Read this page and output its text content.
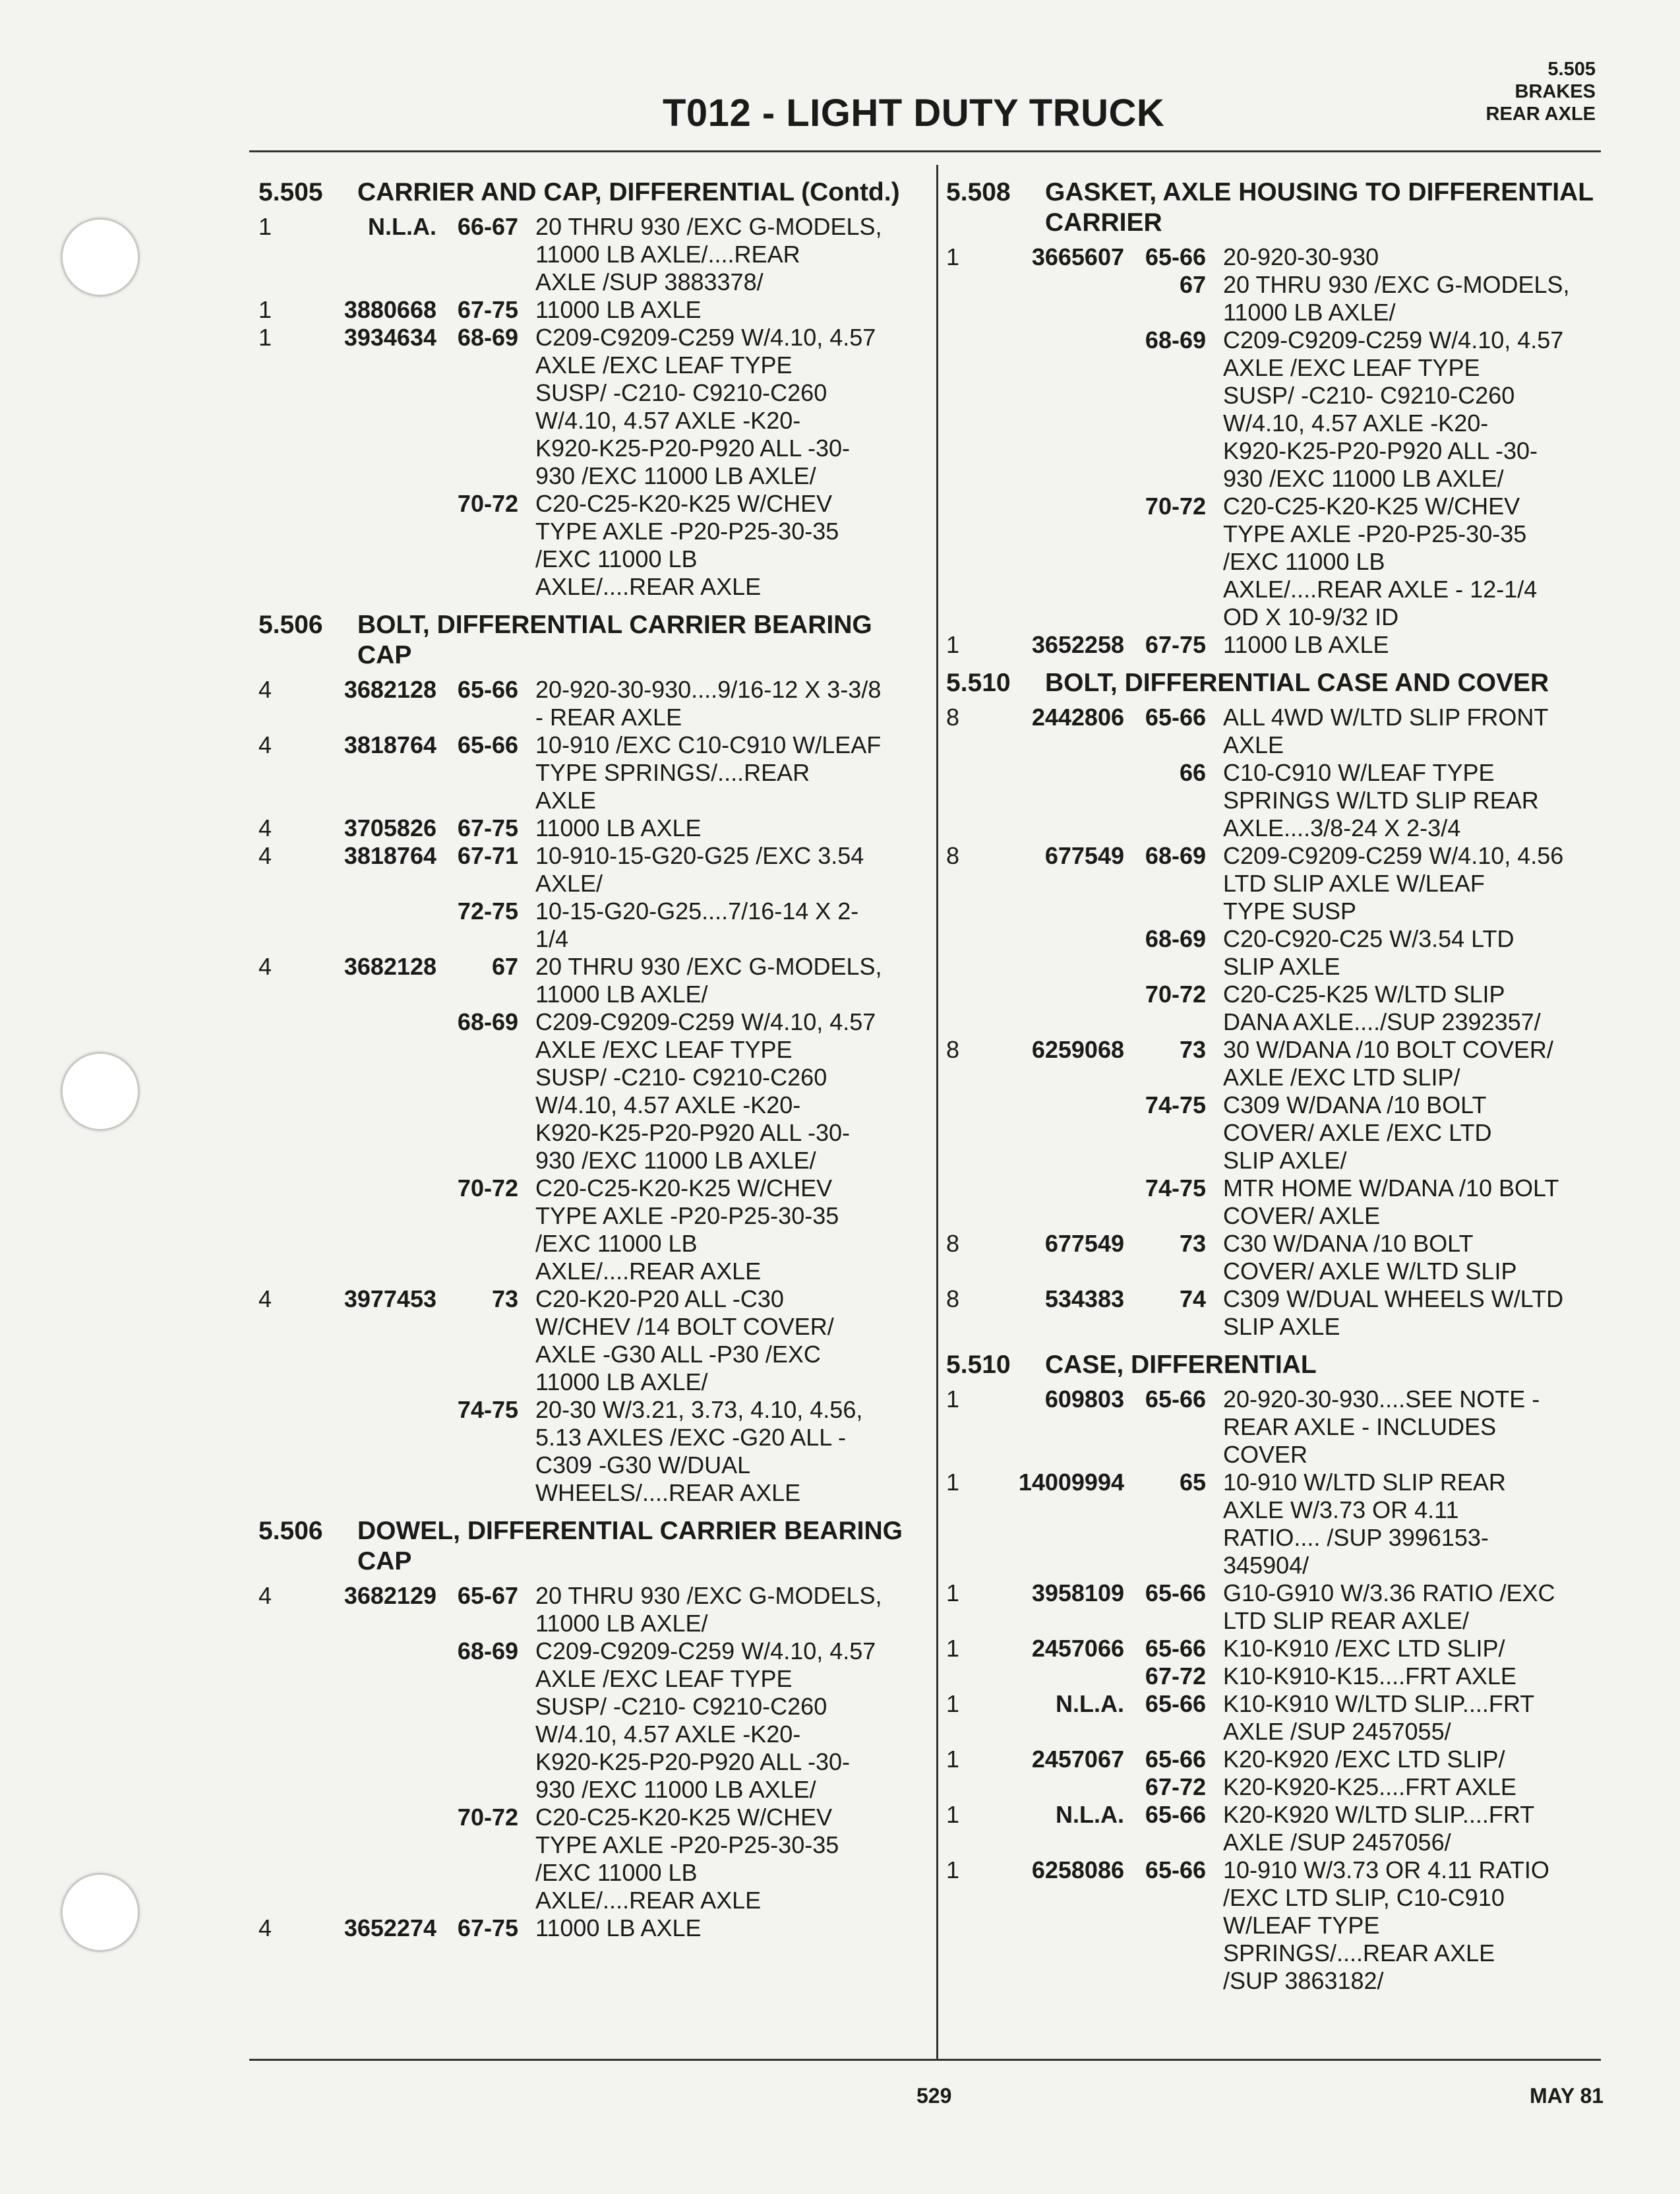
T012 - LIGHT DUTY TRUCK
5.505
BRAKES
REAR AXLE
5.505	CARRIER AND CAP, DIFFERENTIAL (Contd.)
1	N.L.A. 66-67 20 THRU 930 /EXC G-MODELS,
11000 LB AXLE/....REAR
AXLE /SUP 3883378/
1	3880668 67-75 11000 LB AXLE
1	3934634 68-69 C209-C9209-C259 W/4.10, 4.57
AXLE /EXC LEAF TYPE
SUSP/ -C210- C9210-C260
W/4.10, 4.57 AXLE -K20-
K920-K25-P20-P920 ALL -30-
930 /EXC 11000 LB AXLE/
70-72 C20-C25-K20-K25 W/CHEV
TYPE AXLE -P20-P25-30-35
/EXC 11000 LB
AXLE/....REAR AXLE
5.506	BOLT, DIFFERENTIAL CARRIER BEARING CAP
4	3682128 65-66 20-920-30-930....9/16-12 X 3-3/8
- REAR AXLE
4	3818764 65-66 10-910 /EXC C10-C910 W/LEAF
TYPE SPRINGS/....REAR
AXLE
4	3705826 67-75 11000 LB AXLE
4	3818764 67-71 10-910-15-G20-G25 /EXC 3.54
AXLE/
72-75 10-15-G20-G25....7/16-14 X 2-
1/4
4	3682128	67 20 THRU 930 /EXC G-MODELS,
11000 LB AXLE/
68-69 C209-C9209-C259 W/4.10, 4.57
AXLE /EXC LEAF TYPE
SUSP/ -C210- C9210-C260
W/4.10, 4.57 AXLE -K20-
K920-K25-P20-P920 ALL -30-
930 /EXC 11000 LB AXLE/
70-72 C20-C25-K20-K25 W/CHEV
TYPE AXLE -P20-P25-30-35
/EXC 11000 LB
AXLE/....REAR AXLE
4	3977453	73 C20-K20-P20 ALL -C30
W/CHEV /14 BOLT COVER/
AXLE -G30 ALL -P30 /EXC
11000 LB AXLE/
74-75 20-30 W/3.21, 3.73, 4.10, 4.56,
5.13 AXLES /EXC -G20 ALL -
C309 -G30 W/DUAL
WHEELS/....REAR AXLE
5.506	DOWEL, DIFFERENTIAL CARRIER BEARING CAP
4	3682129 65-67 20 THRU 930 /EXC G-MODELS,
11000 LB AXLE/
68-69 C209-C9209-C259 W/4.10, 4.57
AXLE /EXC LEAF TYPE
SUSP/ -C210- C9210-C260
W/4.10, 4.57 AXLE -K20-
K920-K25-P20-P920 ALL -30-
930 /EXC 11000 LB AXLE/
70-72 C20-C25-K20-K25 W/CHEV
TYPE AXLE -P20-P25-30-35
/EXC 11000 LB
AXLE/....REAR AXLE
4	3652274 67-75 11000 LB AXLE
5.508	GASKET, AXLE HOUSING TO DIFFERENTIAL CARRIER
1	3665607 65-66 20-920-30-930
67 20 THRU 930 /EXC G-MODELS,
11000 LB AXLE/
68-69 C209-C9209-C259 W/4.10, 4.57
AXLE /EXC LEAF TYPE
SUSP/ -C210- C9210-C260
W/4.10, 4.57 AXLE -K20-
K920-K25-P20-P920 ALL -30-
930 /EXC 11000 LB AXLE/
70-72 C20-C25-K20-K25 W/CHEV
TYPE AXLE -P20-P25-30-35
/EXC 11000 LB
AXLE/....REAR AXLE - 12-1/4
OD X 10-9/32 ID
1	3652258 67-75 11000 LB AXLE
5.510	BOLT, DIFFERENTIAL CASE AND COVER
8	2442806 65-66 ALL 4WD W/LTD SLIP FRONT
AXLE
66 C10-C910 W/LEAF TYPE
SPRINGS W/LTD SLIP REAR
AXLE....3/8-24 X 2-3/4
8	677549 68-69 C209-C9209-C259 W/4.10, 4.56
LTD SLIP AXLE W/LEAF
TYPE SUSP
68-69 C20-C920-C25 W/3.54 LTD
SLIP AXLE
70-72 C20-C25-K25 W/LTD SLIP
DANA AXLE..../SUP 2392357/
8	6259068	73 30 W/DANA /10 BOLT COVER/
AXLE /EXC LTD SLIP/
74-75 C309 W/DANA /10 BOLT
COVER/ AXLE /EXC LTD
SLIP AXLE/
74-75 MTR HOME W/DANA /10 BOLT
COVER/ AXLE
8	677549	73 C30 W/DANA /10 BOLT
COVER/ AXLE W/LTD SLIP
8	534383	74 C309 W/DUAL WHEELS W/LTD
SLIP AXLE
5.510	CASE, DIFFERENTIAL
1	609803 65-66 20-920-30-930....SEE NOTE -
REAR AXLE - INCLUDES
COVER
1	14009994	65 10-910 W/LTD SLIP REAR
AXLE W/3.73 OR 4.11
RATIO.... /SUP 3996153-
345904/
1	3958109 65-66 G10-G910 W/3.36 RATIO /EXC
LTD SLIP REAR AXLE/
1	2457066 65-66 K10-K910 /EXC LTD SLIP/
67-72 K10-K910-K15....FRT AXLE
1	N.L.A. 65-66 K10-K910 W/LTD SLIP....FRT
AXLE /SUP 2457055/
1	2457067 65-66 K20-K920 /EXC LTD SLIP/
67-72 K20-K920-K25....FRT AXLE
1	N.L.A. 65-66 K20-K920 W/LTD SLIP....FRT
AXLE /SUP 2457056/
1	6258086 65-66 10-910 W/3.73 OR 4.11 RATIO
/EXC LTD SLIP, C10-C910
W/LEAF TYPE
SPRINGS/....REAR AXLE
/SUP 3863182/
529	MAY 81
